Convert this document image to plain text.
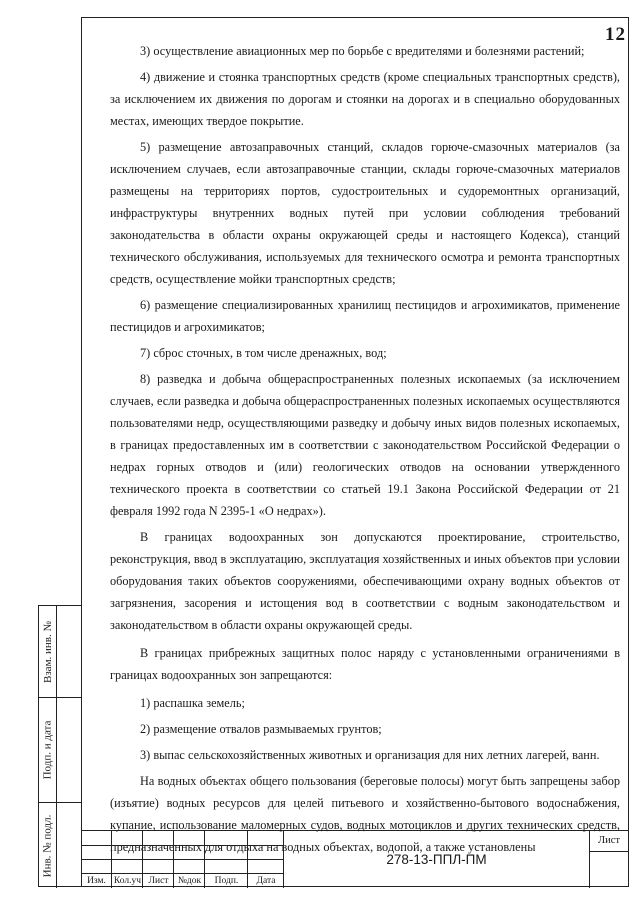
12

3) осуществление авиационных мер по борьбе с вредителями и болезнями растений;

4) движение и стоянка транспортных средств (кроме специальных транспортных средств), за исключением их движения по дорогам и стоянки на дорогах и в специально оборудованных местах, имеющих твердое покрытие.

5) размещение автозаправочных станций, складов горюче-смазочных материалов (за исключением случаев, если автозаправочные станции, склады горюче-смазочных материалов размещены на территориях портов, судостроительных и судоремонтных организаций, инфраструктуры внутренних водных путей при условии соблюдения требований законодательства в области охраны окружающей среды и настоящего Кодекса), станций технического обслуживания, используемых для технического осмотра и ремонта транспортных средств, осуществление мойки транспортных средств;

6) размещение специализированных хранилищ пестицидов и агрохимикатов, применение пестицидов и агрохимикатов;

7) сброс сточных, в том числе дренажных, вод;

8) разведка и добыча общераспространенных полезных ископаемых (за исключением случаев, если разведка и добыча общераспространенных полезных ископаемых осуществляются пользователями недр, осуществляющими разведку и добычу иных видов полезных ископаемых, в границах предоставленных им в соответствии с законодательством Российской Федерации о недрах горных отводов и (или) геологических отводов на основании утвержденного технического проекта в соответствии со статьей 19.1 Закона Российской Федерации от 21 февраля 1992 года N 2395-1 «О недрах»).

В границах водоохранных зон допускаются проектирование, строительство, реконструкция, ввод в эксплуатацию, эксплуатация хозяйственных и иных объектов при условии оборудования таких объектов сооружениями, обеспечивающими охрану водных объектов от загрязнения, засорения и истощения вод в соответствии с водным законодательством и законодательством в области охраны окружающей среды.

В границах прибрежных защитных полос наряду с установленными ограничениями в границах водоохранных зон запрещаются:

1) распашка земель;

2) размещение отвалов размываемых грунтов;

3) выпас сельскохозяйственных животных и организация для них летних лагерей, ванн.

На водных объектах общего пользования (береговые полосы) могут быть запрещены забор (изъятие) водных ресурсов для целей питьевого и хозяйственно-бытового водоснабжения, купание, использование маломерных судов, водных мотоциклов и других технических средств, предназначенных для отдыха на водных объектах, водопой, а также установлены

Взам. инв. №
Подп. и дата
Инв. № подл.
Изм. Кол.уч Лист №док	Подп.	Дата
278-13-ППЛ-ПМ
Лист
